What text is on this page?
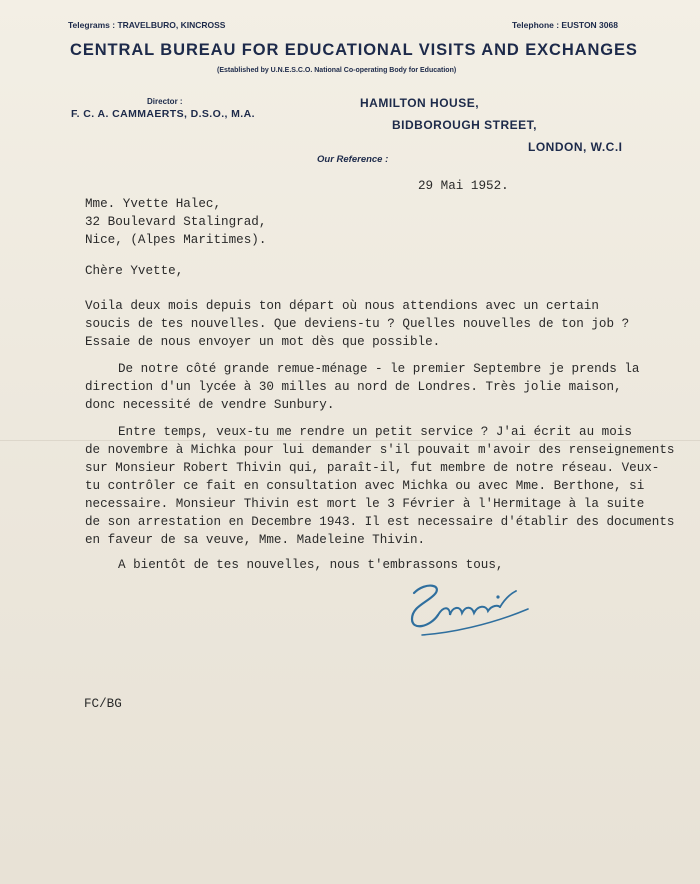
Telegrams : TRAVELBURO, KINCROSS	Telephone : EUSTON 3068
CENTRAL BUREAU FOR EDUCATIONAL VISITS AND EXCHANGES
(Established by U.N.E.S.C.O. National Co-operating Body for Education)
Director :
F. C. A. CAMMAERTS, D.S.O., M.A.
HAMILTON HOUSE,
BIDBOROUGH STREET,
LONDON, W.C.I
Our Reference :
29 Mai 1952.
Mme. Yvette Halec,
32 Boulevard Stalingrad,
Nice, (Alpes Maritimes).
Chère Yvette,
Voila deux mois depuis ton départ où nous attendions avec un certain
soucis de tes nouvelles. Que deviens-tu ? Quelles nouvelles de ton job ?
Essaie de nous envoyer un mot dès que possible.
De notre côté grande remue-ménage - le premier Septembre je prends la
direction d'un lycée à 30 milles au nord de Londres. Très jolie maison,
donc necessité de vendre Sunbury.
Entre temps, veux-tu me rendre un petit service ? J'ai écrit au mois
de novembre à Michka pour lui demander s'il pouvait m'avoir des renseignements
sur Monsieur Robert Thivin qui, paraît-il, fut membre de notre réseau. Veux-
tu contrôler ce fait en consultation avec Michka ou avec Mme. Berthone, si
necessaire. Monsieur Thivin est mort le 3 Février à l'Hermitage à la suite
de son arrestation en Decembre 1943. Il est necessaire d'établir des documents
en faveur de sa veuve, Mme. Madeleine Thivin.
A bientôt de tes nouvelles, nous t'embrassons tous,
FC/BG
